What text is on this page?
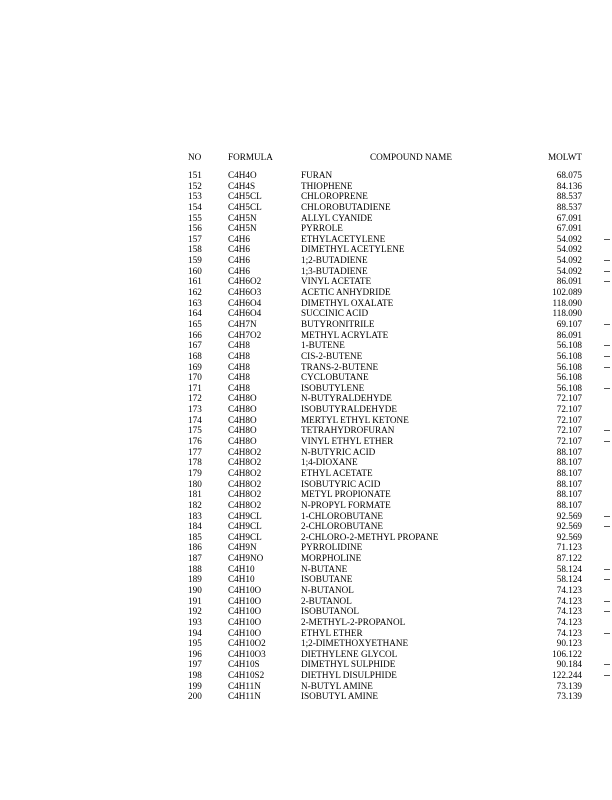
NO	FORMULA	COMPOUND NAME	MOLWT
151	C4H4O	FURAN	68.075
152	C4H4S	THIOPHENE	84.136
153	C4H5CL	CHLOROPRENE	88.537
154	C4H5CL	CHLOROBUTADIENE	88.537
155	C4H5N	ALLYL CYANIDE	67.091
156	C4H5N	PYRROLE	67.091
157	C4H6	ETHYLACETYLENE	54.092
158	C4H6	DIMETHYL ACETYLENE	54.092
159	C4H6	1;2-BUTADIENE	54.092
160	C4H6	1;3-BUTADIENE	54.092
161	C4H6O2	VINYL ACETATE	86.091
162	C4H6O3	ACETIC ANHYDRIDE	102.089
163	C4H6O4	DIMETHYL OXALATE	118.090
164	C4H6O4	SUCCINIC ACID	118.090
165	C4H7N	BUTYRONITRILE	69.107
166	C4H7O2	METHYL ACRYLATE	86.091
167	C4H8	1-BUTENE	56.108
168	C4H8	CIS-2-BUTENE	56.108
169	C4H8	TRANS-2-BUTENE	56.108
170	C4H8	CYCLOBUTANE	56.108
171	C4H8	ISOBUTYLENE	56.108
172	C4H8O	N-BUTYRALDEHYDE	72.107
173	C4H8O	ISOBUTYRALDEHYDE	72.107
174	C4H8O	MERTYL ETHYL KETONE	72.107
175	C4H8O	TETRAHYDROFURAN	72.107
176	C4H8O	VINYL ETHYL ETHER	72.107
177	C4H8O2	N-BUTYRIC ACID	88.107
178	C4H8O2	1;4-DIOXANE	88.107
179	C4H8O2	ETHYL ACETATE	88.107
180	C4H8O2	ISOBUTYRIC ACID	88.107
181	C4H8O2	METYL PROPIONATE	88.107
182	C4H8O2	N-PROPYL FORMATE	88.107
183	C4H9CL	1-CHLOROBUTANE	92.569
184	C4H9CL	2-CHLOROBUTANE	92.569
185	C4H9CL	2-CHLORO-2-METHYL PROPANE	92.569
186	C4H9N	PYRROLIDINE	71.123
187	C4H9NO	MORPHOLINE	87.122
188	C4H10	N-BUTANE	58.124
189	C4H10	ISOBUTANE	58.124
190	C4H10O	N-BUTANOL	74.123
191	C4H10O	2-BUTANOL	74.123
192	C4H10O	ISOBUTANOL	74.123
193	C4H10O	2-METHYL-2-PROPANOL	74.123
194	C4H10O	ETHYL ETHER	74.123
195	C4H10O2	1;2-DIMETHOXYETHANE	90.123
196	C4H10O3	DIETHYLENE GLYCOL	106.122
197	C4H10S	DIMETHYL SULPHIDE	90.184
198	C4H10S2	DIETHYL DISULPHIDE	122.244
199	C4H11N	N-BUTYL AMINE	73.139
200	C4H11N	ISOBUTYL AMINE	73.139
